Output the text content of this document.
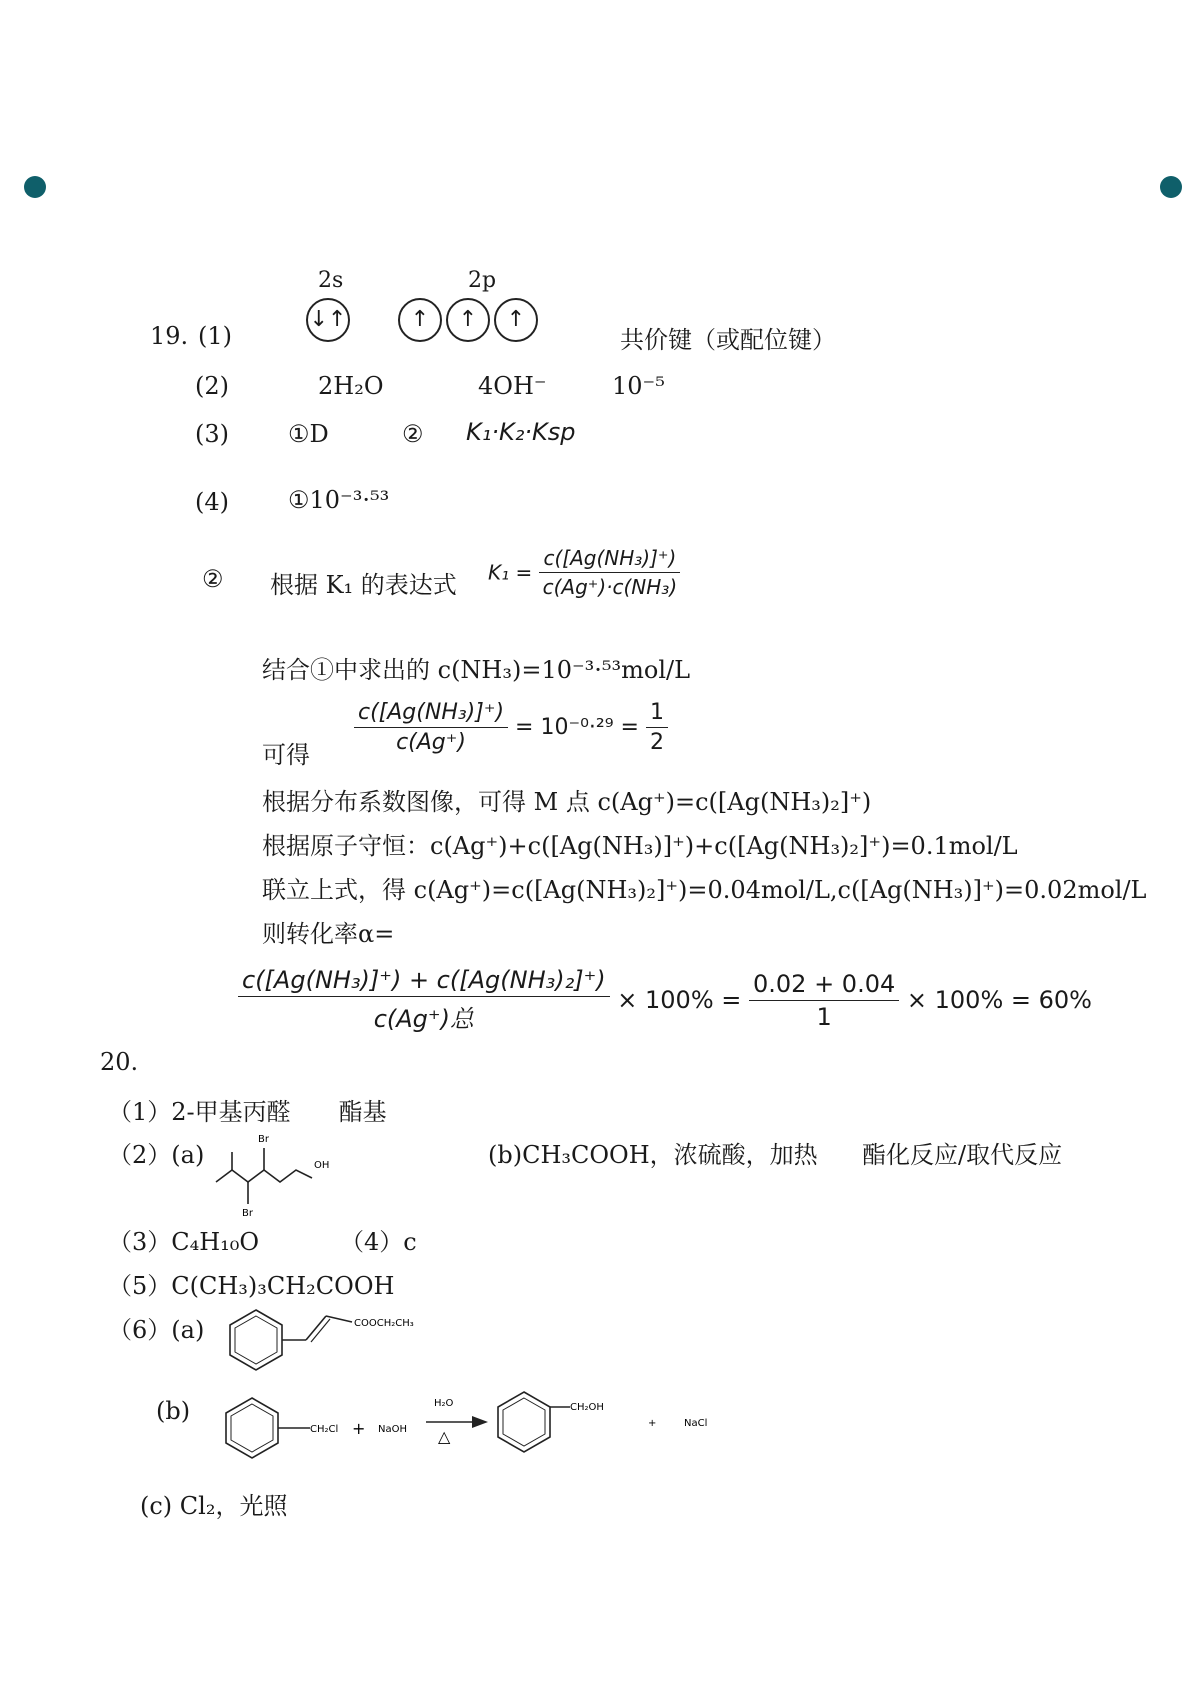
19. (1)
2s	2p
↓↑	↑ ↑ ↑
共价键（或配位键）
(2)	2H₂O	4OH⁻	10⁻⁵
(3) ①D	② K₁·K₂·Ksp
(4) ①10⁻³·⁵³
② 根据 K₁ 的表达式 $K_1 = \frac{\text{c([Ag(NH₃)]⁺)}}{\text{c(Ag⁺)·c(NH₃)}}$
结合①中求出的 c(NH₃)=10⁻³·⁵³mol/L
可得 $\frac{\text{c([Ag(NH₃)]⁺)}}{c(Ag^+)} = 10^{-0}\cdot^{29} = \frac{1}{2}$
根据分布系数图像，可得 M 点 c(Ag⁺)=c([Ag(NH₃)₂]⁺)
根据原子守恒：c(Ag⁺)+c([Ag(NH₃)]⁺)+c([Ag(NH₃)₂]⁺)=0.1mol/L
联立上式，得 c(Ag⁺)=c([Ag(NH₃)₂]⁺)=0.04mol/L,c([Ag(NH₃)]⁺)=0.02mol/L
则转化率α=
$\frac{\text{c([Ag(NH₃)]⁺) + c([Ag(NH₃)₂]⁺)}}{\text{c(Ag⁺)总}} \times 100\% = \frac{0.02 + 0.04}{1} \times 100\% = 60\%$
20.
（1）2-甲基丙醛　　酯基
（2）(a)
Br
Br
OH	(b)CH₃COOH，浓硫酸，加热 酯化反应/取代反应
（3）C₄H₁₀O	（4）c
（5）C(CH₃)₃CH₂COOH
（6）(a)	COOCH₂CH₃
(b)
CH₂Cl + NaOH
H₂O
△
CH₂OH
+	NaCl
(c) Cl₂，光照
